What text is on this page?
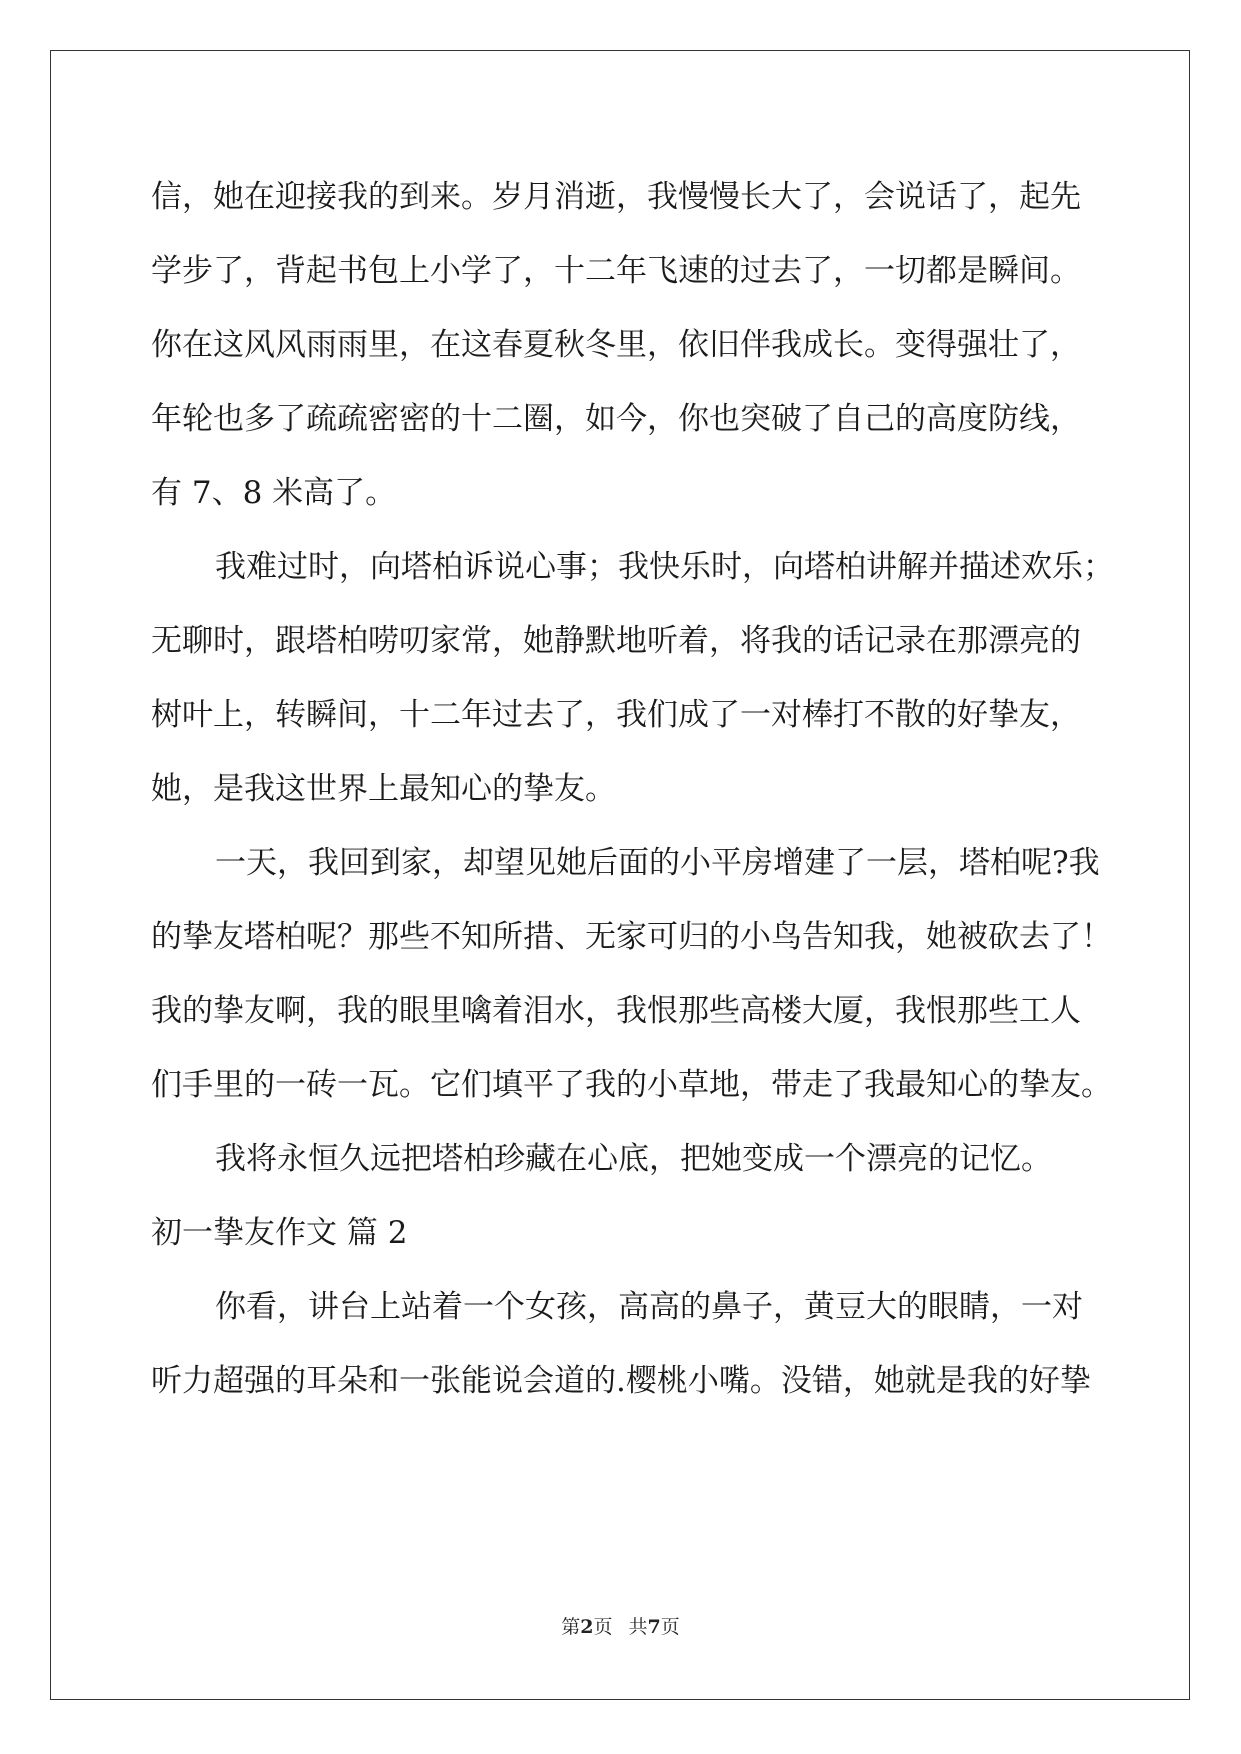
信，她在迎接我的到来。岁月消逝，我慢慢长大了，会说话了，起先
学步了，背起书包上小学了，十二年飞速的过去了，一切都是瞬间。
你在这风风雨雨里，在这春夏秋冬里，依旧伴我成长。变得强壮了，
年轮也多了疏疏密密的十二圈，如今，你也突破了自己的高度防线，
有 7、8 米高了。
我难过时，向塔柏诉说心事；我快乐时，向塔柏讲解并描述欢乐；
无聊时，跟塔柏唠叨家常，她静默地听着，将我的话记录在那漂亮的
树叶上，转瞬间，十二年过去了，我们成了一对棒打不散的好挚友，
她，是我这世界上最知心的挚友。
一天，我回到家，却望见她后面的小平房增建了一层，塔柏呢?我
的挚友塔柏呢？那些不知所措、无家可归的小鸟告知我，她被砍去了！
我的挚友啊，我的眼里噙着泪水，我恨那些高楼大厦，我恨那些工人
们手里的一砖一瓦。它们填平了我的小草地，带走了我最知心的挚友。
我将永恒久远把塔柏珍藏在心底，把她变成一个漂亮的记忆。
初一挚友作文 篇 2
你看，讲台上站着一个女孩，高高的鼻子，黄豆大的眼睛，一对
听力超强的耳朵和一张能说会道的.樱桃小嘴。没错，她就是我的好挚
第2页 共7页
